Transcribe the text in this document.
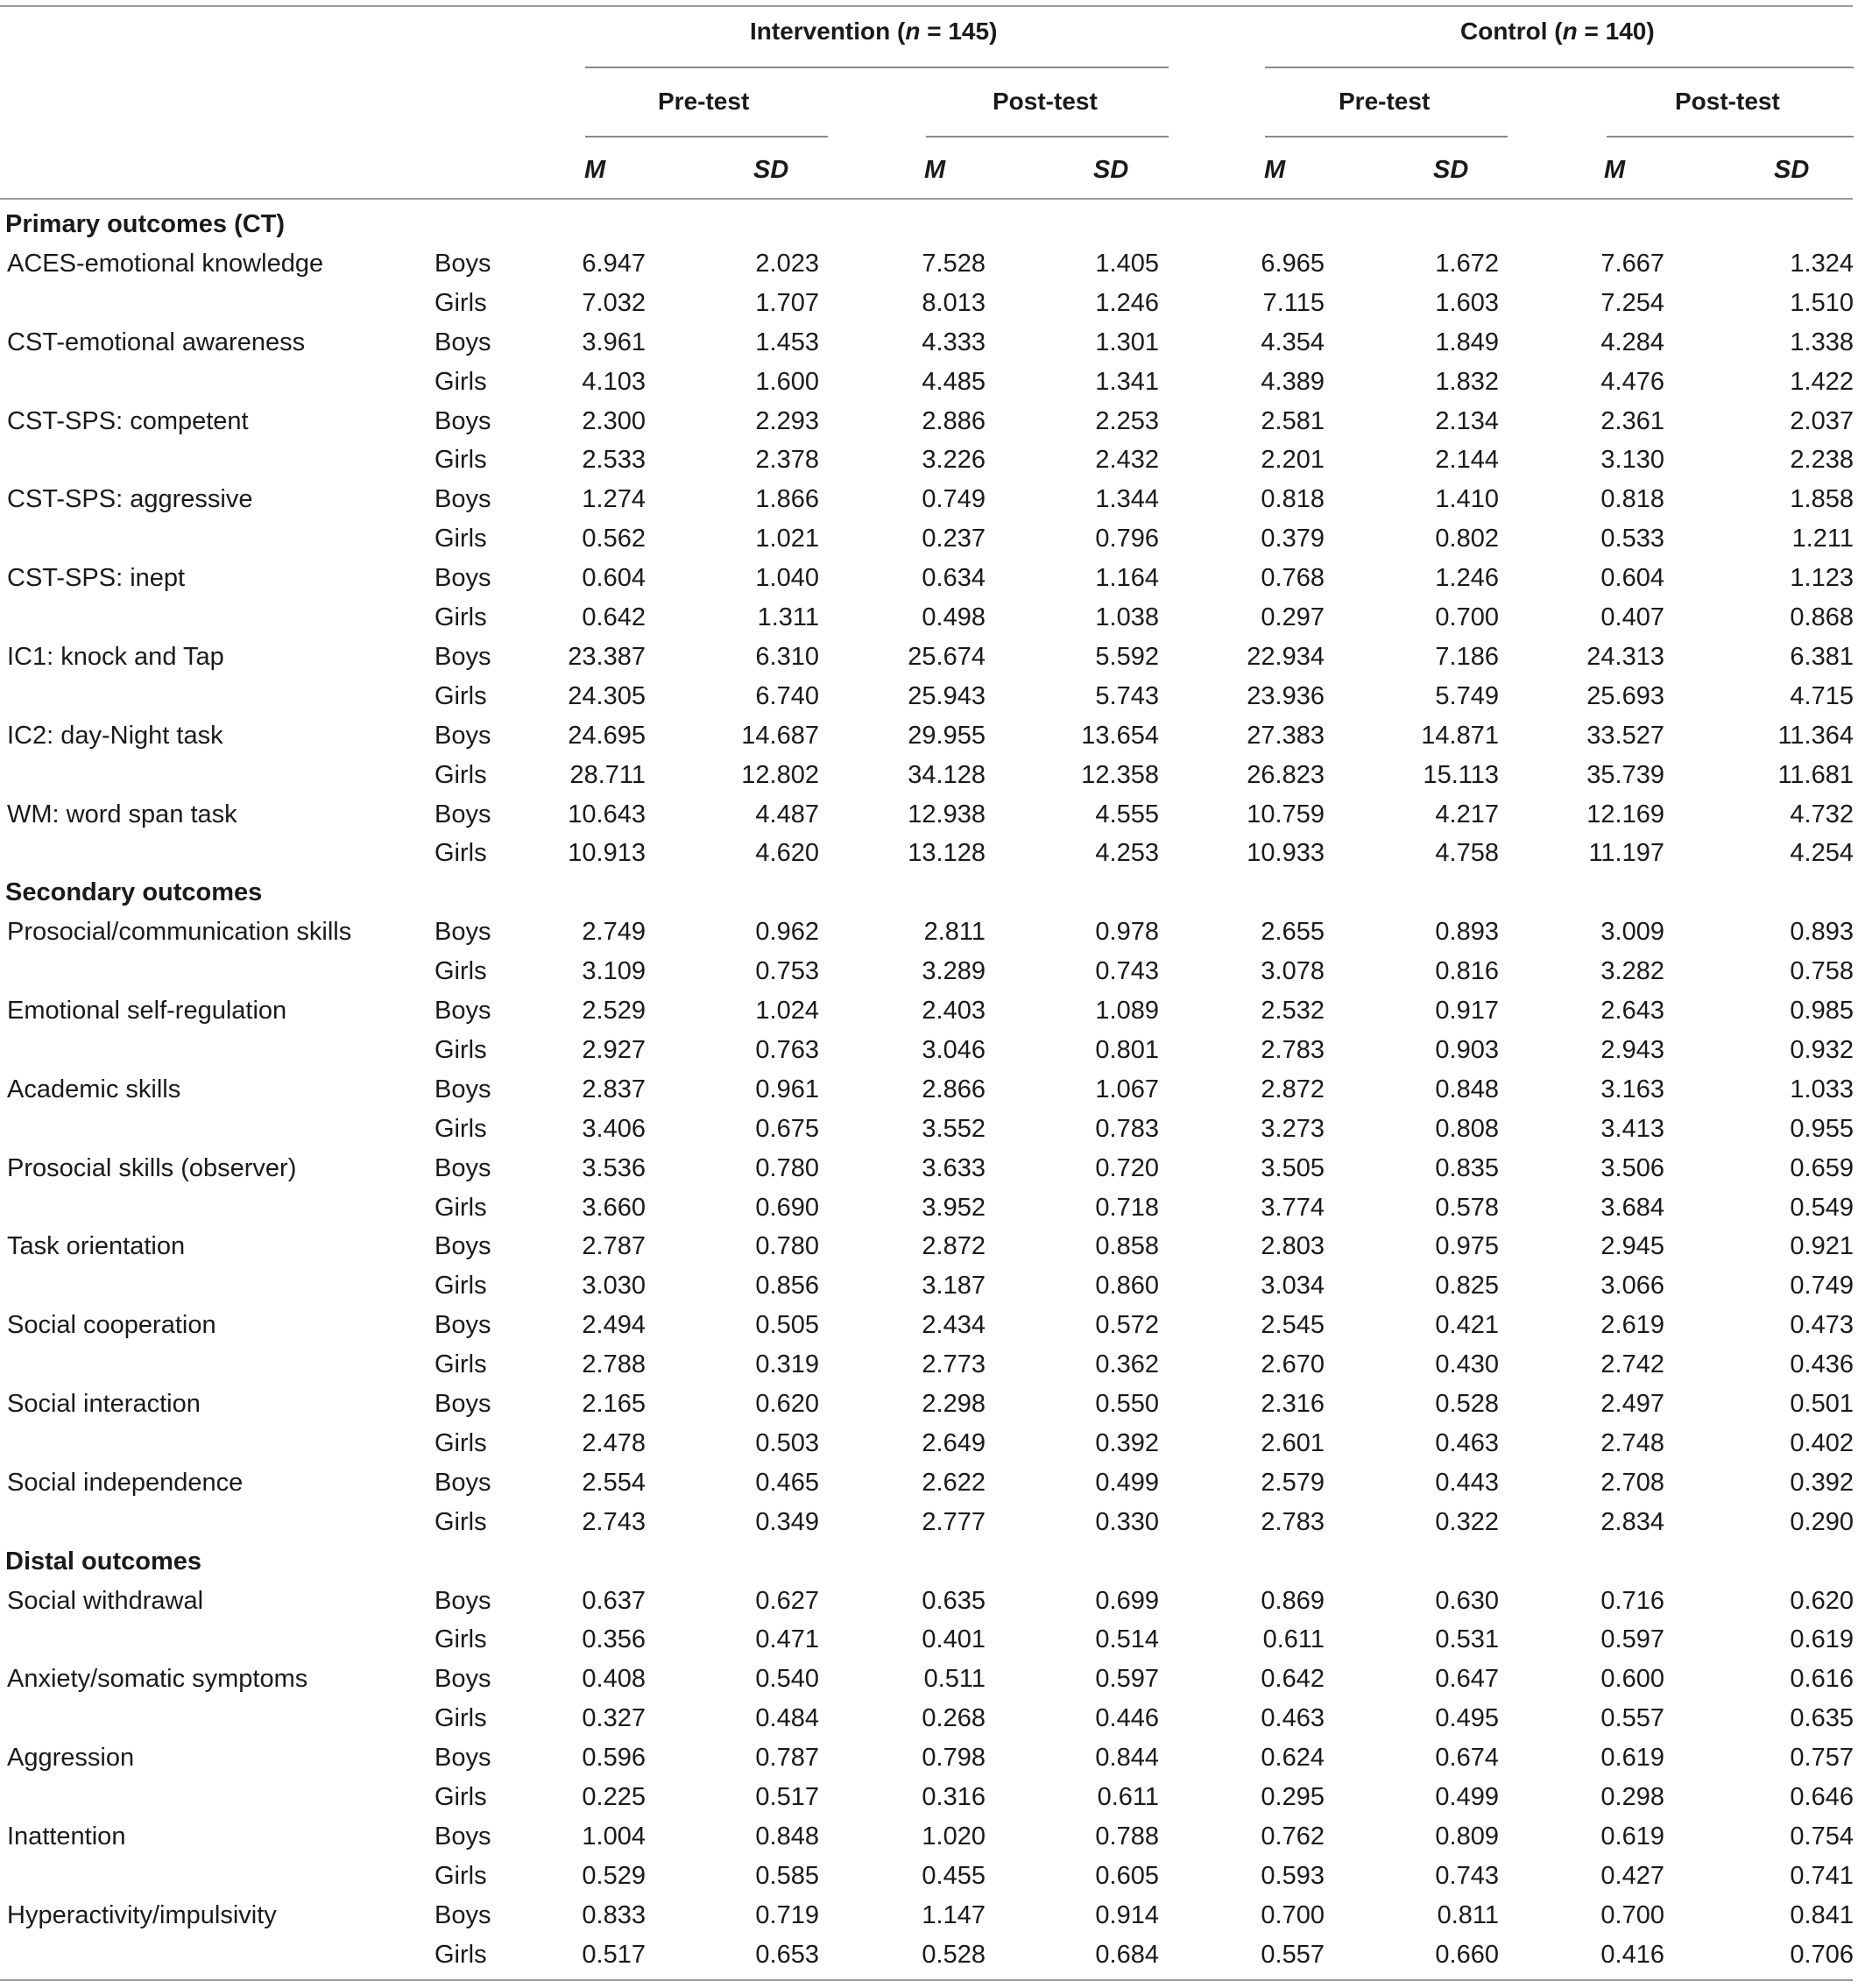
Intervention (n = 145)	Control (n = 140)
Pre-test	Post-test	Pre-test	Post-test
M	SD	M	SD	M	SD	M	SD
Primary outcomes (CT)
ACES-emotional knowledge	Boys	6.947	2.023	7.528	1.405	6.965	1.672	7.667	1.324
Girls	7.032	1.707	8.013	1.246	7.115	1.603	7.254	1.510
CST-emotional awareness	Boys	3.961	1.453	4.333	1.301	4.354	1.849	4.284	1.338
Girls	4.103	1.600	4.485	1.341	4.389	1.832	4.476	1.422
CST-SPS: competent	Boys	2.300	2.293	2.886	2.253	2.581	2.134	2.361	2.037
Girls	2.533	2.378	3.226	2.432	2.201	2.144	3.130	2.238
CST-SPS: aggressive	Boys	1.274	1.866	0.749	1.344	0.818	1.410	0.818	1.858
Girls	0.562	1.021	0.237	0.796	0.379	0.802	0.533	1.211
CST-SPS: inept	Boys	0.604	1.040	0.634	1.164	0.768	1.246	0.604	1.123
Girls	0.642	1.311	0.498	1.038	0.297	0.700	0.407	0.868
IC1: knock and Tap	Boys	23.387	6.310	25.674	5.592	22.934	7.186	24.313	6.381
Girls	24.305	6.740	25.943	5.743	23.936	5.749	25.693	4.715
IC2: day-Night task	Boys	24.695	14.687	29.955	13.654	27.383	14.871	33.527	11.364
Girls	28.711	12.802	34.128	12.358	26.823	15.113	35.739	11.681
WM: word span task	Boys	10.643	4.487	12.938	4.555	10.759	4.217	12.169	4.732
Girls	10.913	4.620	13.128	4.253	10.933	4.758	11.197	4.254
Secondary outcomes
Prosocial/communication skills	Boys	2.749	0.962	2.811	0.978	2.655	0.893	3.009	0.893
Girls	3.109	0.753	3.289	0.743	3.078	0.816	3.282	0.758
Emotional self-regulation	Boys	2.529	1.024	2.403	1.089	2.532	0.917	2.643	0.985
Girls	2.927	0.763	3.046	0.801	2.783	0.903	2.943	0.932
Academic skills	Boys	2.837	0.961	2.866	1.067	2.872	0.848	3.163	1.033
Girls	3.406	0.675	3.552	0.783	3.273	0.808	3.413	0.955
Prosocial skills (observer)	Boys	3.536	0.780	3.633	0.720	3.505	0.835	3.506	0.659
Girls	3.660	0.690	3.952	0.718	3.774	0.578	3.684	0.549
Task orientation	Boys	2.787	0.780	2.872	0.858	2.803	0.975	2.945	0.921
Girls	3.030	0.856	3.187	0.860	3.034	0.825	3.066	0.749
Social cooperation	Boys	2.494	0.505	2.434	0.572	2.545	0.421	2.619	0.473
Girls	2.788	0.319	2.773	0.362	2.670	0.430	2.742	0.436
Social interaction	Boys	2.165	0.620	2.298	0.550	2.316	0.528	2.497	0.501
Girls	2.478	0.503	2.649	0.392	2.601	0.463	2.748	0.402
Social independence	Boys	2.554	0.465	2.622	0.499	2.579	0.443	2.708	0.392
Girls	2.743	0.349	2.777	0.330	2.783	0.322	2.834	0.290
Distal outcomes
Social withdrawal	Boys	0.637	0.627	0.635	0.699	0.869	0.630	0.716	0.620
Girls	0.356	0.471	0.401	0.514	0.611	0.531	0.597	0.619
Anxiety/somatic symptoms	Boys	0.408	0.540	0.511	0.597	0.642	0.647	0.600	0.616
Girls	0.327	0.484	0.268	0.446	0.463	0.495	0.557	0.635
Aggression	Boys	0.596	0.787	0.798	0.844	0.624	0.674	0.619	0.757
Girls	0.225	0.517	0.316	0.611	0.295	0.499	0.298	0.646
Inattention	Boys	1.004	0.848	1.020	0.788	0.762	0.809	0.619	0.754
Girls	0.529	0.585	0.455	0.605	0.593	0.743	0.427	0.741
Hyperactivity/impulsivity	Boys	0.833	0.719	1.147	0.914	0.700	0.811	0.700	0.841
Girls	0.517	0.653	0.528	0.684	0.557	0.660	0.416	0.706
